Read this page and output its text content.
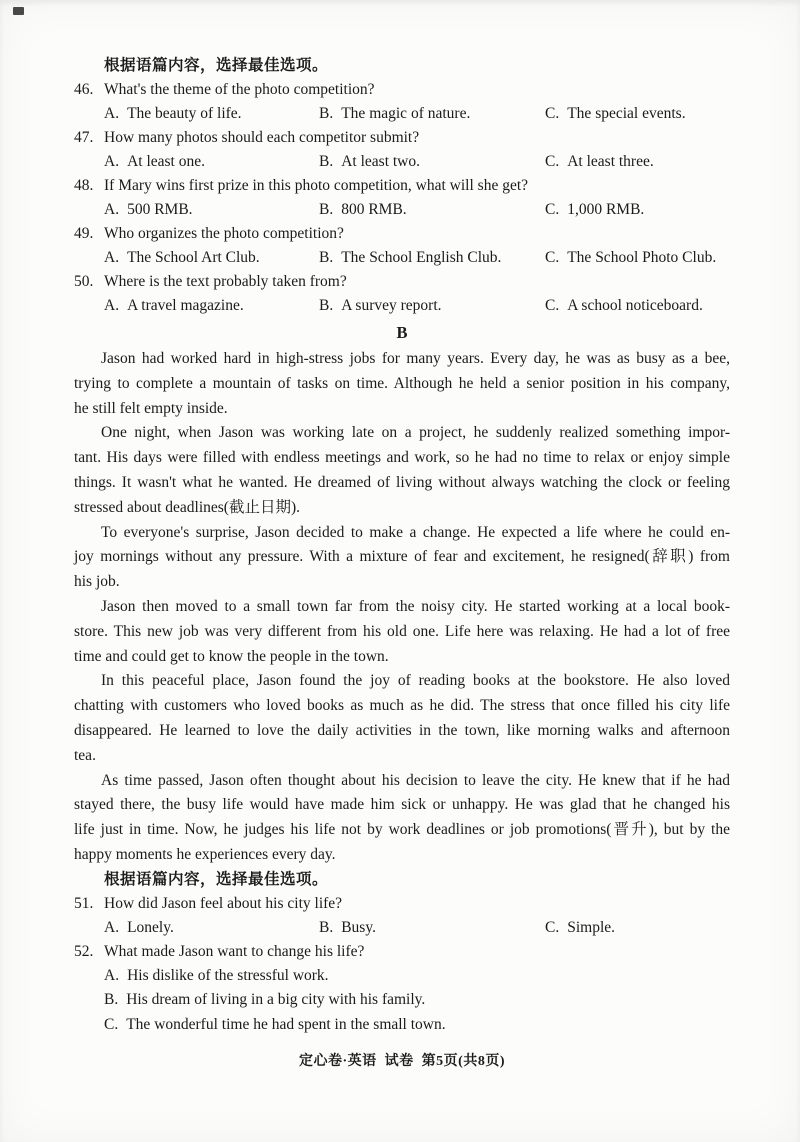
根据语篇内容，选择最佳选项。
46. What's the theme of the photo competition?
A. The beauty of life.	B. The magic of nature.	C. The special events.
47. How many photos should each competitor submit?
A. At least one.	B. At least two.	C. At least three.
48. If Mary wins first prize in this photo competition, what will she get?
A. 500 RMB.	B. 800 RMB.	C. 1,000 RMB.
49. Who organizes the photo competition?
A. The School Art Club.	B. The School English Club.	C. The School Photo Club.
50. Where is the text probably taken from?
A. A travel magazine.	B. A survey report.	C. A school noticeboard.
B
Jason had worked hard in high-stress jobs for many years. Every day, he was as busy as a bee,
trying to complete a mountain of tasks on time. Although he held a senior position in his company,
he still felt empty inside.
One night, when Jason was working late on a project, he suddenly realized something impor-
tant. His days were filled with endless meetings and work, so he had no time to relax or enjoy simple
things. It wasn't what he wanted. He dreamed of living without always watching the clock or feeling
stressed about deadlines(截止日期).
To everyone's surprise, Jason decided to make a change. He expected a life where he could en-
joy mornings without any pressure. With a mixture of fear and excitement, he resigned(辞职) from
his job.
Jason then moved to a small town far from the noisy city. He started working at a local book-
store. This new job was very different from his old one. Life here was relaxing. He had a lot of free
time and could get to know the people in the town.
In this peaceful place, Jason found the joy of reading books at the bookstore. He also loved
chatting with customers who loved books as much as he did. The stress that once filled his city life
disappeared. He learned to love the daily activities in the town, like morning walks and afternoon
tea.
As time passed, Jason often thought about his decision to leave the city. He knew that if he had
stayed there, the busy life would have made him sick or unhappy. He was glad that he changed his
life just in time. Now, he judges his life not by work deadlines or job promotions(晋升), but by the
happy moments he experiences every day.
根据语篇内容，选择最佳选项。
51. How did Jason feel about his city life?
A. Lonely.	B. Busy.	C. Simple.
52. What made Jason want to change his life?
A. His dislike of the stressful work.
B. His dream of living in a big city with his family.
C. The wonderful time he had spent in the small town.
定心卷·英语  试卷  第5页(共8页)
